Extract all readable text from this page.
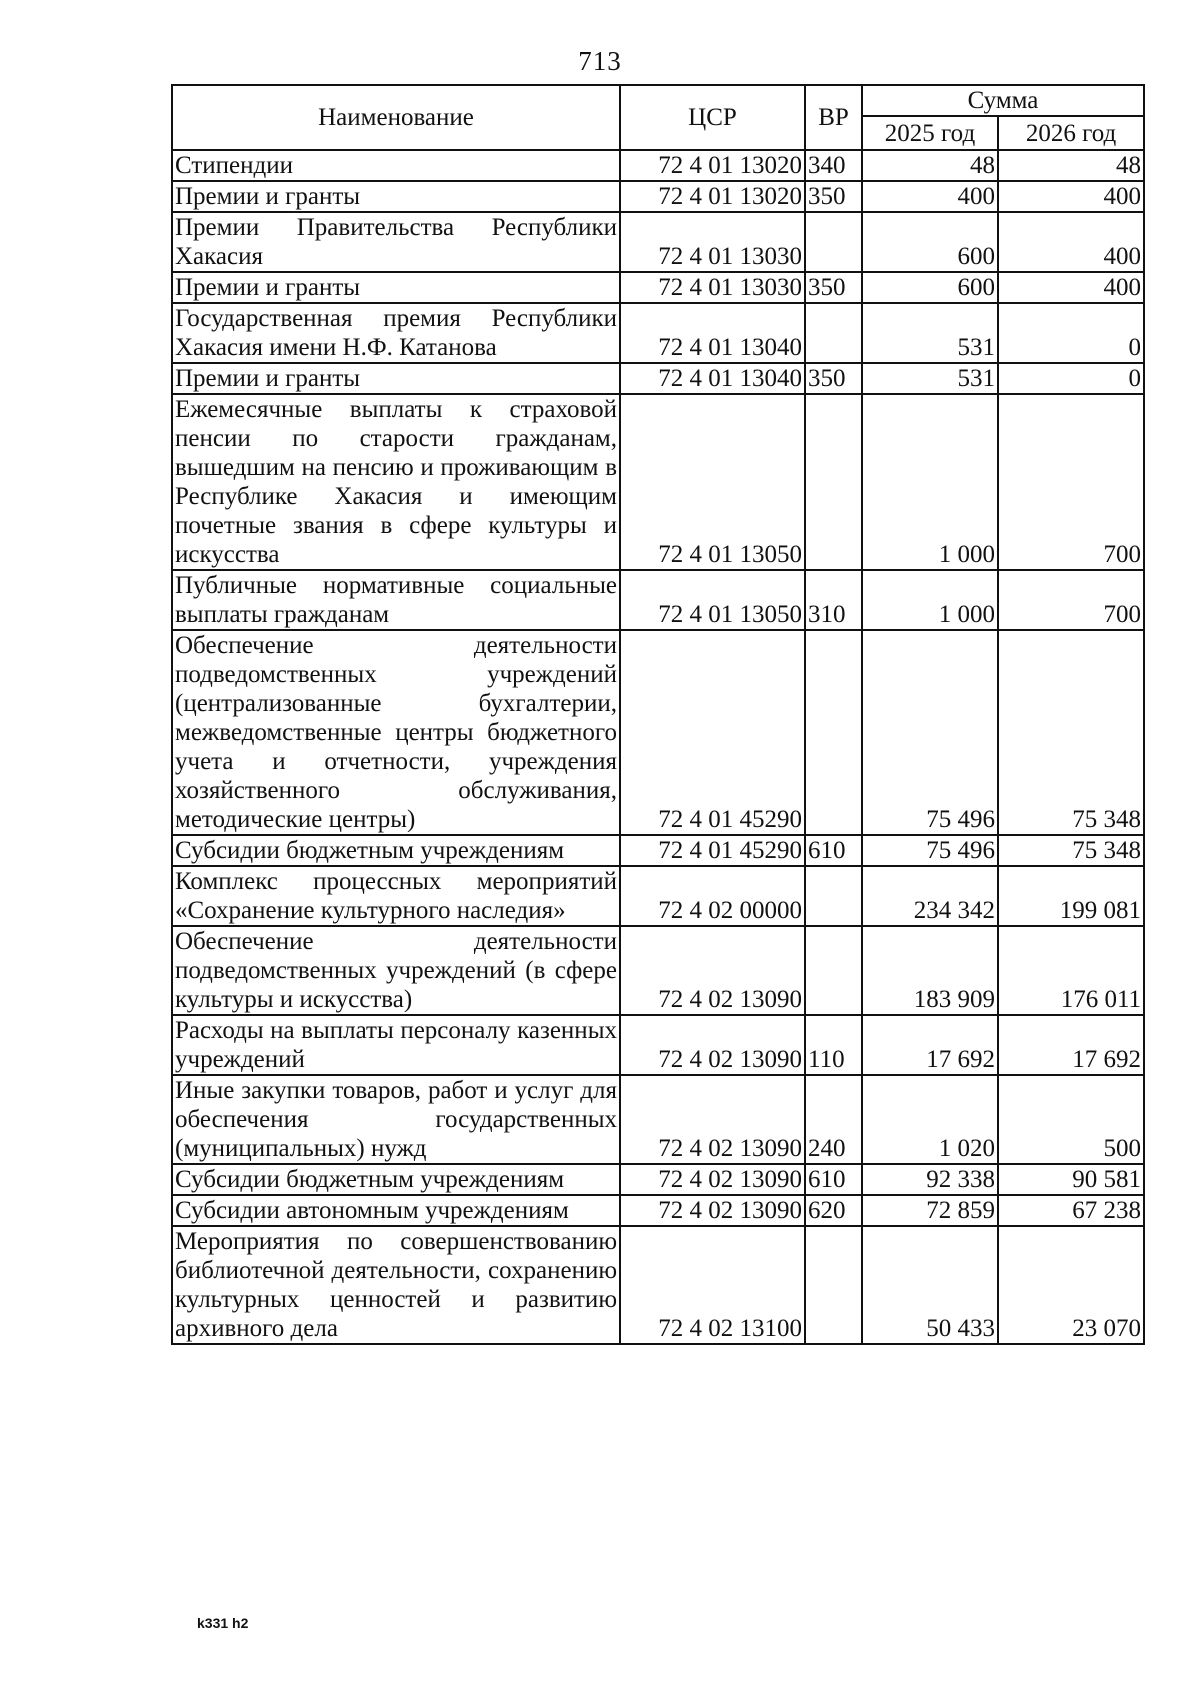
713
Наименование	ЦСР	ВР	Сумма	
			2025 год	2026 год
Стипендии	72 4 01 13020	340	48	48
Премии и гранты	72 4 01 13020	350	400	400
Премии Правительства Республики Хакасия	72 4 01 13030		600	400
Премии и гранты	72 4 01 13030	350	600	400
Государственная премия Республики Хакасия имени Н.Ф. Катанова	72 4 01 13040		531	0
Премии и гранты	72 4 01 13040	350	531	0
Ежемесячные выплаты к страховой пенсии по старости гражданам, вышедшим на пенсию и проживающим в Республике Хакасия и имеющим почетные звания в сфере культуры и искусства	72 4 01 13050		1 000	700
Публичные нормативные социальные выплаты гражданам	72 4 01 13050	310	1 000	700
Обеспечение деятельности подведомственных учреждений (централизованные бухгалтерии, межведомственные центры бюджетного учета и отчетности, учреждения хозяйственного обслуживания, методические центры)	72 4 01 45290		75 496	75 348
Субсидии бюджетным учреждениям	72 4 01 45290	610	75 496	75 348
Комплекс процессных мероприятий «Сохранение культурного наследия»	72 4 02 00000		234 342	199 081
Обеспечение деятельности подведомственных учреждений (в сфере культуры и искусства)	72 4 02 13090		183 909	176 011
Расходы на выплаты персоналу казенных учреждений	72 4 02 13090	110	17 692	17 692
Иные закупки товаров, работ и услуг для обеспечения государственных (муниципальных) нужд	72 4 02 13090	240	1 020	500
Субсидии бюджетным учреждениям	72 4 02 13090	610	92 338	90 581
Субсидии автономным учреждениям	72 4 02 13090	620	72 859	67 238
Мероприятия по совершенствованию библиотечной деятельности, сохранению культурных ценностей и развитию архивного дела	72 4 02 13100		50 433	23 070
k331 h2
